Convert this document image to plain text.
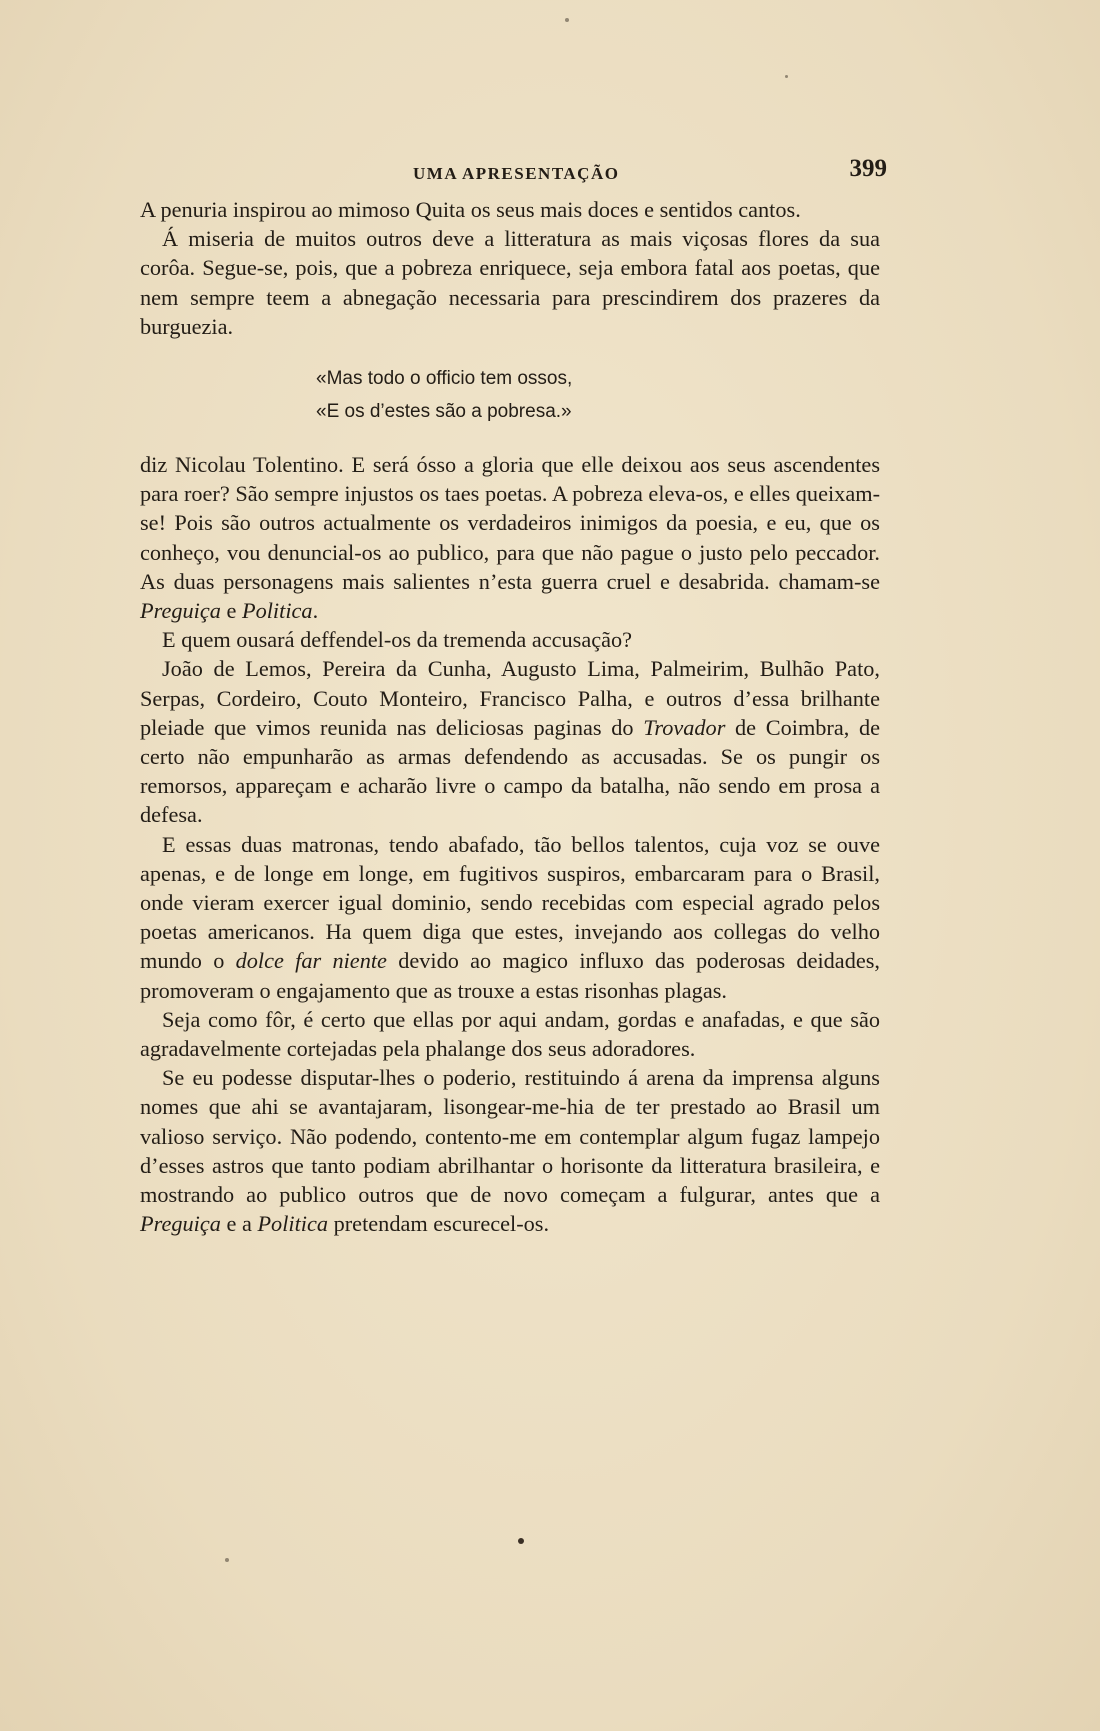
UMA APRESENTAÇÃO	399

A penuria inspirou ao mimoso Quita os seus mais doces e sentidos cantos.

Á miseria de muitos outros deve a litteratura as mais viçosas flores da sua corôa. Segue-se, pois, que a pobreza enriquece, seja embora fatal aos poetas, que nem sempre teem a abnegação necessaria para prescindirem dos prazeres da burguezia.

«Mas todo o officio tem ossos,
«E os d’estes são a pobresa.»

diz Nicolau Tolentino. E será ósso a gloria que elle deixou aos seus ascendentes para roer? São sempre injustos os taes poetas. A pobreza eleva-os, e elles queixam-se! Pois são outros actualmente os verdadeiros inimigos da poesia, e eu, que os conheço, vou denuncial-os ao publico, para que não pague o justo pelo peccador. As duas personagens mais salientes n’esta guerra cruel e desabrida. chamam-se Preguiça e Politica.

E quem ousará deffendel-os da tremenda accusação?

João de Lemos, Pereira da Cunha, Augusto Lima, Palmeirim, Bulhão Pato, Serpas, Cordeiro, Couto Monteiro, Francisco Palha, e outros d’essa brilhante pleiade que vimos reunida nas deliciosas paginas do Trovador de Coimbra, de certo não empunharão as armas defendendo as accusadas. Se os pungir os remorsos, appareçam e acharão livre o campo da batalha, não sendo em prosa a defesa.

E essas duas matronas, tendo abafado, tão bellos talentos, cuja voz se ouve apenas, e de longe em longe, em fugitivos suspiros, embarcaram para o Brasil, onde vieram exercer igual dominio, sendo recebidas com especial agrado pelos poetas americanos. Ha quem diga que estes, invejando aos collegas do velho mundo o dolce far niente devido ao magico influxo das poderosas deidades, promoveram o engajamento que as trouxe a estas risonhas plagas.

Seja como fôr, é certo que ellas por aqui andam, gordas e anafadas, e que são agradavelmente cortejadas pela phalange dos seus adoradores.

Se eu podesse disputar-lhes o poderio, restituindo á arena da imprensa alguns nomes que ahi se avantajaram, lisongear-me-hia de ter prestado ao Brasil um valioso serviço. Não podendo, contento-me em contemplar algum fugaz lampejo d’esses astros que tanto podiam abrilhantar o horisonte da litteratura brasileira, e mostrando ao publico outros que de novo começam a fulgurar, antes que a Preguiça e a Politica pretendam escurecel-os.
